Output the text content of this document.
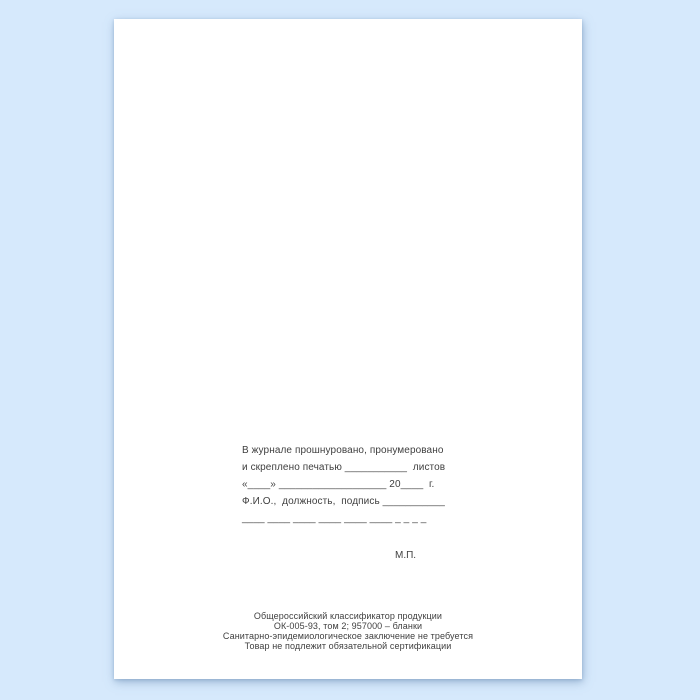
В журнале прошнуровано, пронумеровано
и скреплено печатью ___________  листов
«____» ___________________ 20____  г.
Ф.И.О.,  должность,  подпись ___________
____ ____ ____ ____ ____ ____ _ _ _ _
М.П.
Общероссийский классификатор продукции
ОК-005-93, том 2; 957000 – бланки
Санитарно-эпидемиологическое заключение не требуется
Товар не подлежит обязательной сертификации
